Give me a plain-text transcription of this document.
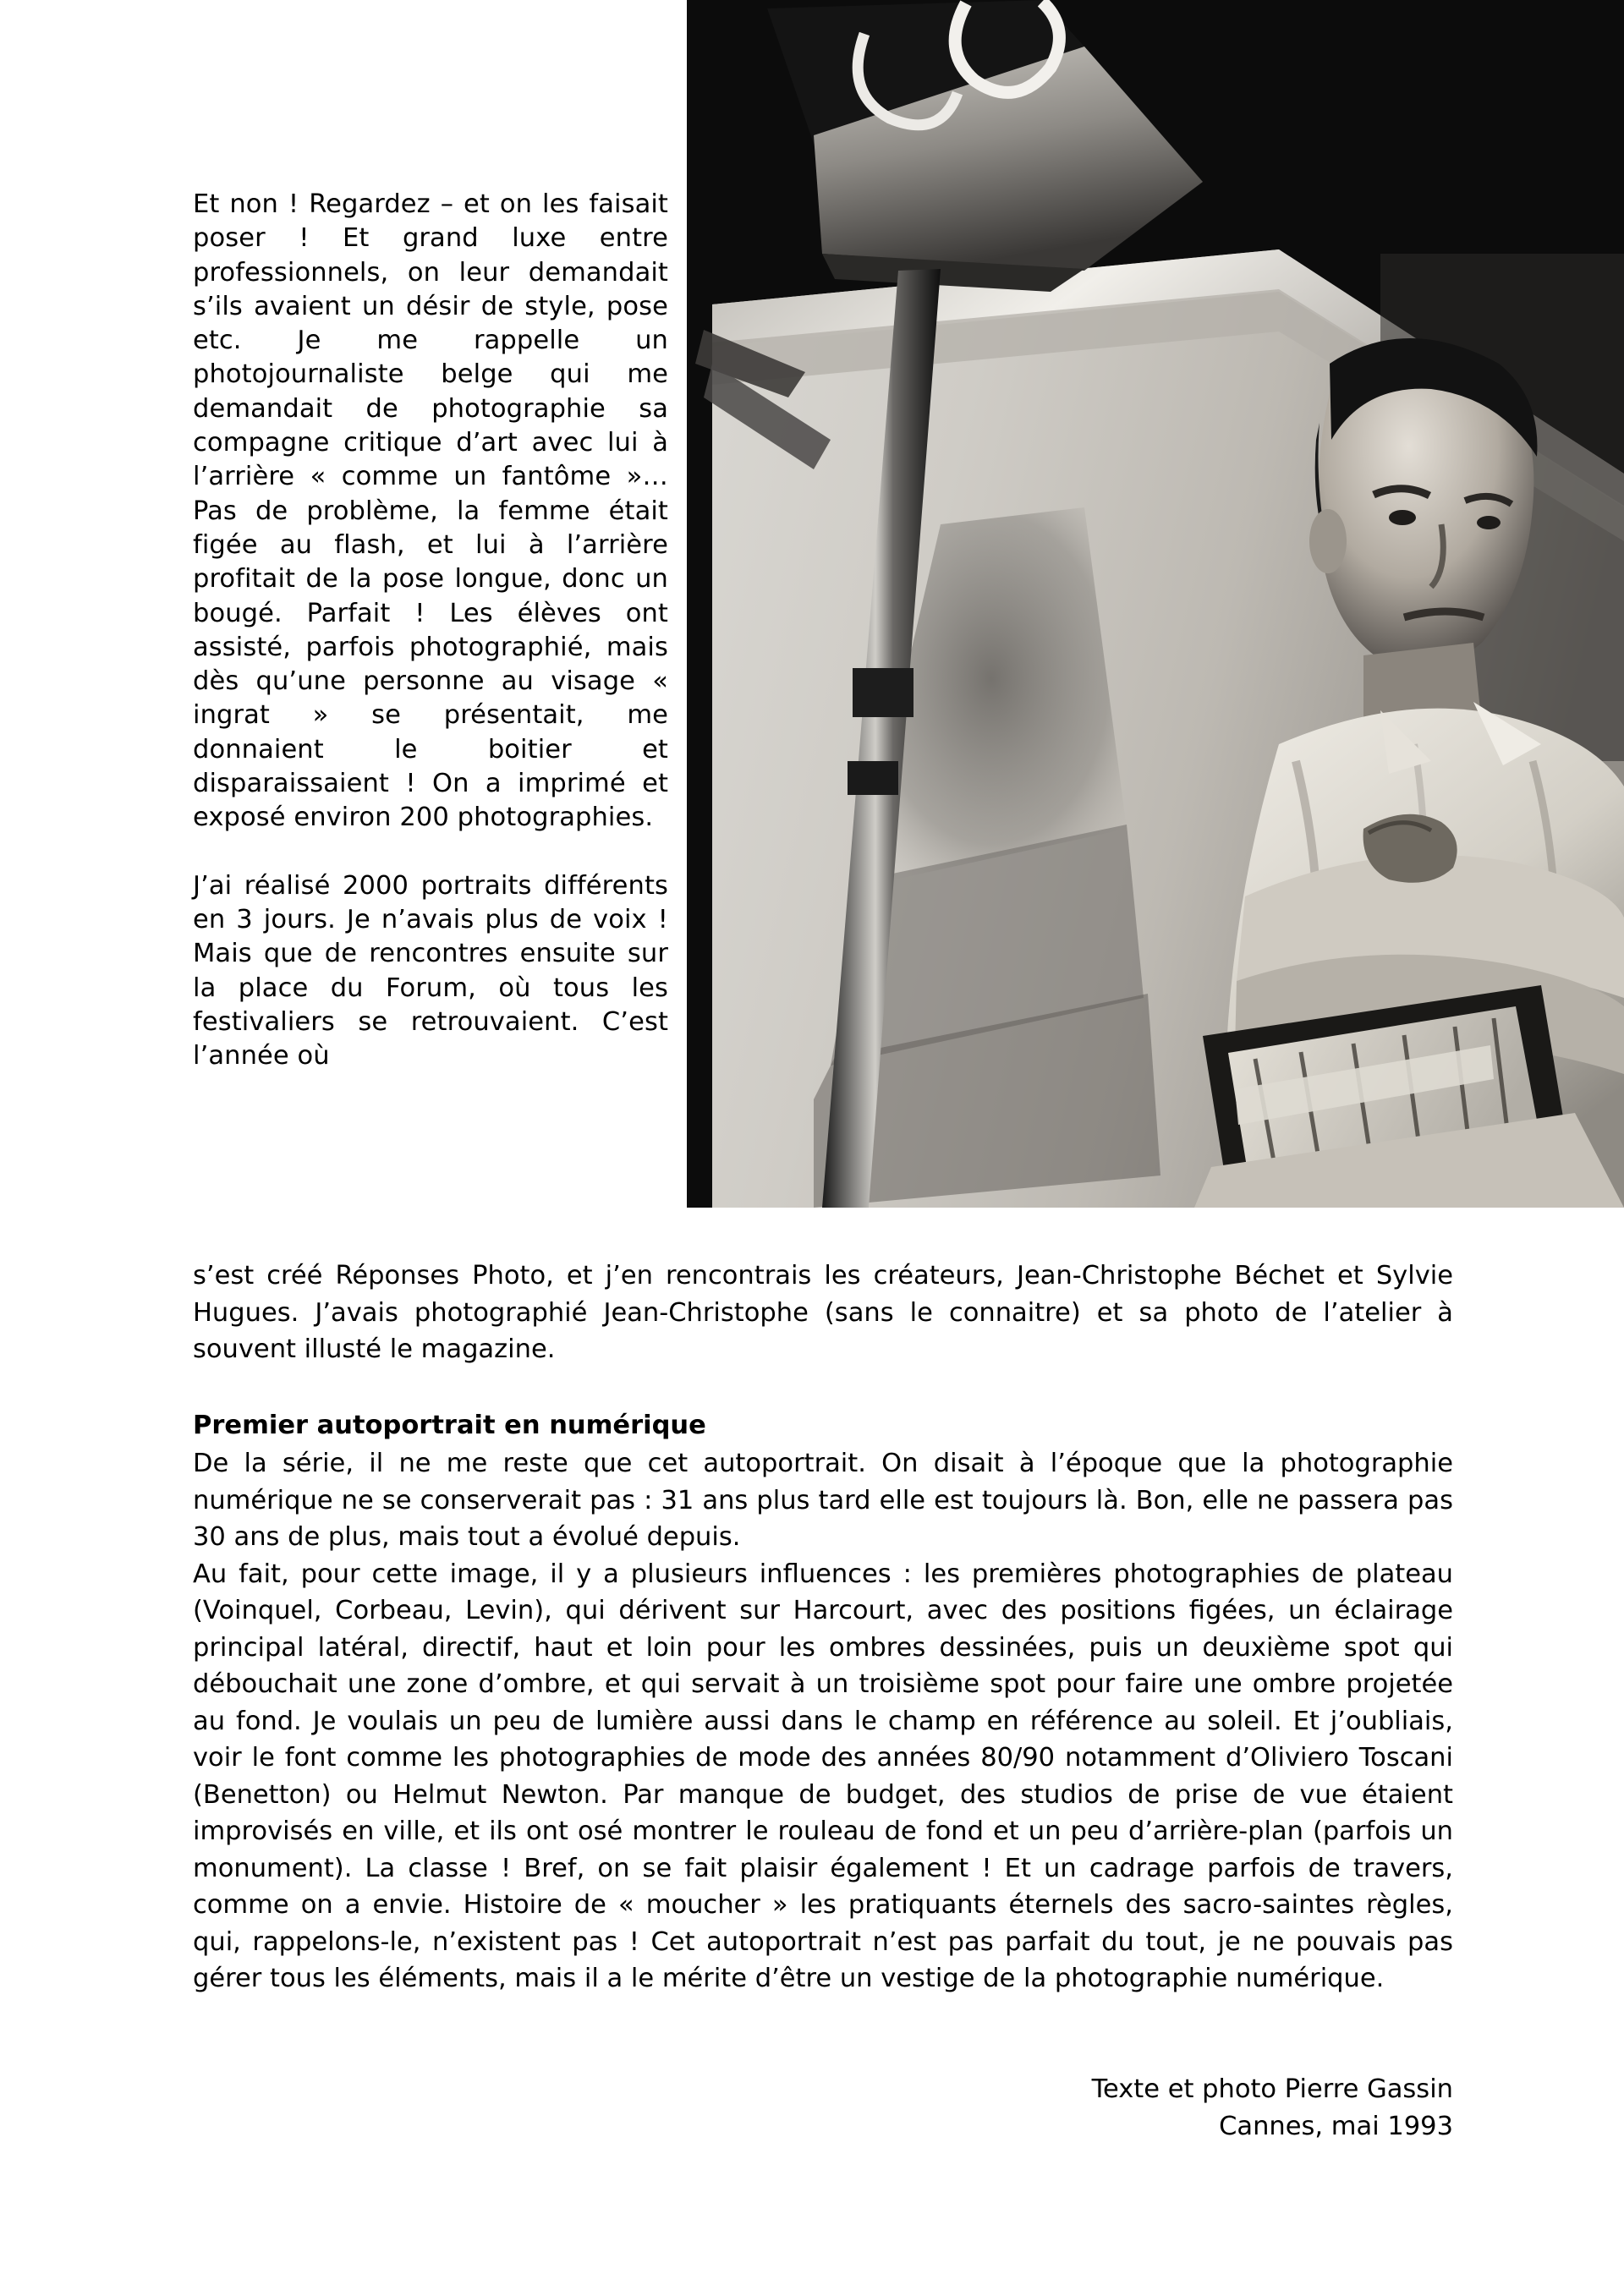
Et non ! Regardez – et on les faisait poser ! Et grand luxe entre professionnels, on leur demandait s’ils avaient un désir de style, pose etc. Je me rappelle un photojournaliste belge qui me demandait de photographie sa compagne critique d’art avec lui à l’arrière « comme un fantôme »… Pas de problème, la femme était figée au flash, et lui à l’arrière profitait de la pose longue, donc un bougé. Parfait ! Les élèves ont assisté, parfois photographié, mais dès qu’une personne au visage « ingrat » se présentait, me donnaient le boitier et disparaissaient ! On a imprimé et exposé environ 200 photographies.

J’ai réalisé 2000 portraits différents en 3 jours. Je n’avais plus de voix ! Mais que de rencontres ensuite sur la place du Forum, où tous les festivaliers se retrouvaient. C’est l’année où

s’est créé Réponses Photo, et j’en rencontrais les créateurs, Jean-Christophe Béchet et Sylvie Hugues. J’avais photographié Jean-Christophe (sans le connaitre) et sa photo de l’atelier à souvent illusté le magazine.

Premier autoportrait en numérique

De la série, il ne me reste que cet autoportrait. On disait à l’époque que la photographie numérique ne se conserverait pas : 31 ans plus tard elle est toujours là. Bon, elle ne passera pas 30 ans de plus, mais tout a évolué depuis.

Au fait, pour cette image, il y a plusieurs influences : les premières photographies de plateau (Voinquel, Corbeau, Levin), qui dérivent sur Harcourt, avec des positions figées, un éclairage principal latéral, directif, haut et loin pour les ombres dessinées, puis un deuxième spot qui débouchait une zone d’ombre, et qui servait à un troisième spot pour faire une ombre projetée au fond. Je voulais un peu de lumière aussi dans le champ en référence au soleil. Et j’oubliais, voir le font comme les photographies de mode des années 80/90 notamment d’Oliviero Toscani (Benetton) ou Helmut Newton. Par manque de budget, des studios de prise de vue étaient improvisés en ville, et ils ont osé montrer le rouleau de fond et un peu d’arrière-plan (parfois un monument). La classe ! Bref, on se fait plaisir également ! Et un cadrage parfois de travers, comme on a envie. Histoire de « moucher » les pratiquants éternels des sacro-saintes règles, qui, rappelons-le, n’existent pas ! Cet autoportrait n’est pas parfait du tout, je ne pouvais pas gérer tous les éléments, mais il a le mérite d’être un vestige de la photographie numérique.

Texte et photo Pierre Gassin
Cannes, mai 1993
